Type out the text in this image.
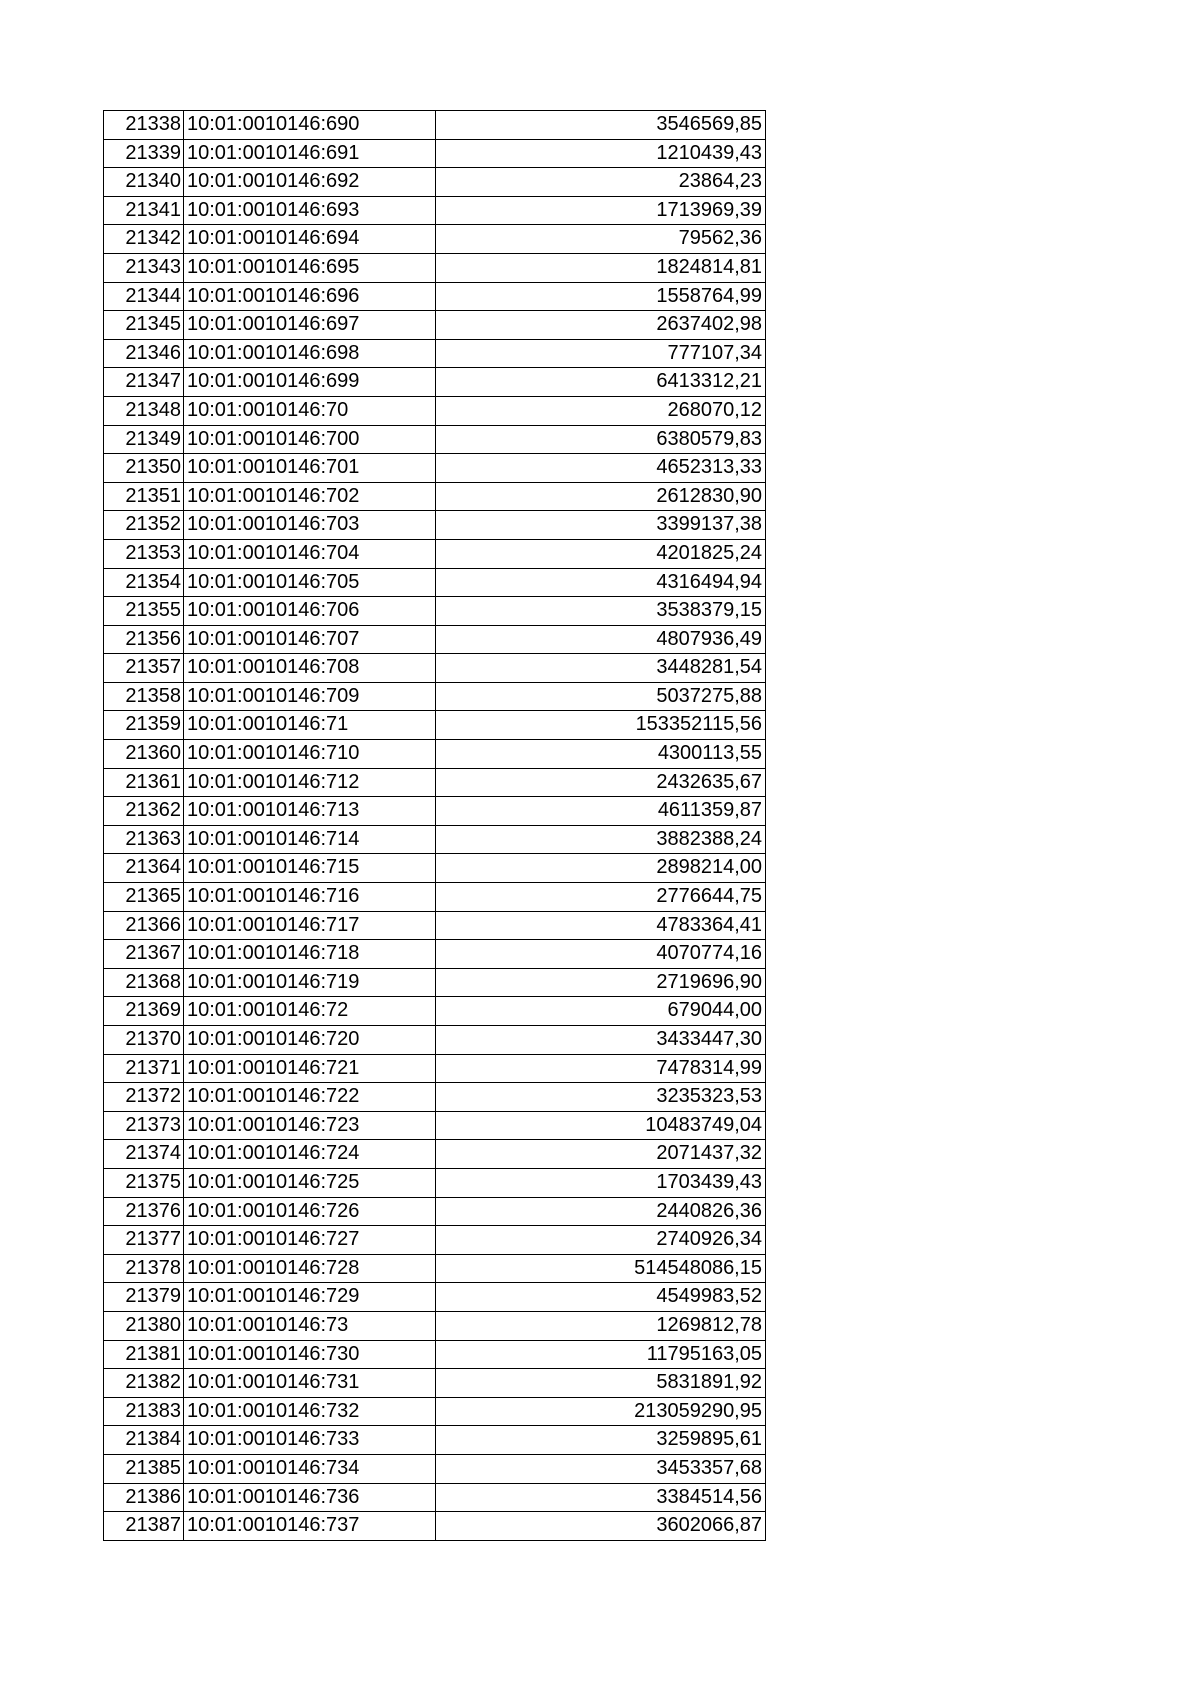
21338	10:01:0010146:690	3546569,85
21339	10:01:0010146:691	1210439,43
21340	10:01:0010146:692	23864,23
21341	10:01:0010146:693	1713969,39
21342	10:01:0010146:694	79562,36
21343	10:01:0010146:695	1824814,81
21344	10:01:0010146:696	1558764,99
21345	10:01:0010146:697	2637402,98
21346	10:01:0010146:698	777107,34
21347	10:01:0010146:699	6413312,21
21348	10:01:0010146:70	268070,12
21349	10:01:0010146:700	6380579,83
21350	10:01:0010146:701	4652313,33
21351	10:01:0010146:702	2612830,90
21352	10:01:0010146:703	3399137,38
21353	10:01:0010146:704	4201825,24
21354	10:01:0010146:705	4316494,94
21355	10:01:0010146:706	3538379,15
21356	10:01:0010146:707	4807936,49
21357	10:01:0010146:708	3448281,54
21358	10:01:0010146:709	5037275,88
21359	10:01:0010146:71	153352115,56
21360	10:01:0010146:710	4300113,55
21361	10:01:0010146:712	2432635,67
21362	10:01:0010146:713	4611359,87
21363	10:01:0010146:714	3882388,24
21364	10:01:0010146:715	2898214,00
21365	10:01:0010146:716	2776644,75
21366	10:01:0010146:717	4783364,41
21367	10:01:0010146:718	4070774,16
21368	10:01:0010146:719	2719696,90
21369	10:01:0010146:72	679044,00
21370	10:01:0010146:720	3433447,30
21371	10:01:0010146:721	7478314,99
21372	10:01:0010146:722	3235323,53
21373	10:01:0010146:723	10483749,04
21374	10:01:0010146:724	2071437,32
21375	10:01:0010146:725	1703439,43
21376	10:01:0010146:726	2440826,36
21377	10:01:0010146:727	2740926,34
21378	10:01:0010146:728	514548086,15
21379	10:01:0010146:729	4549983,52
21380	10:01:0010146:73	1269812,78
21381	10:01:0010146:730	11795163,05
21382	10:01:0010146:731	5831891,92
21383	10:01:0010146:732	213059290,95
21384	10:01:0010146:733	3259895,61
21385	10:01:0010146:734	3453357,68
21386	10:01:0010146:736	3384514,56
21387	10:01:0010146:737	3602066,87
